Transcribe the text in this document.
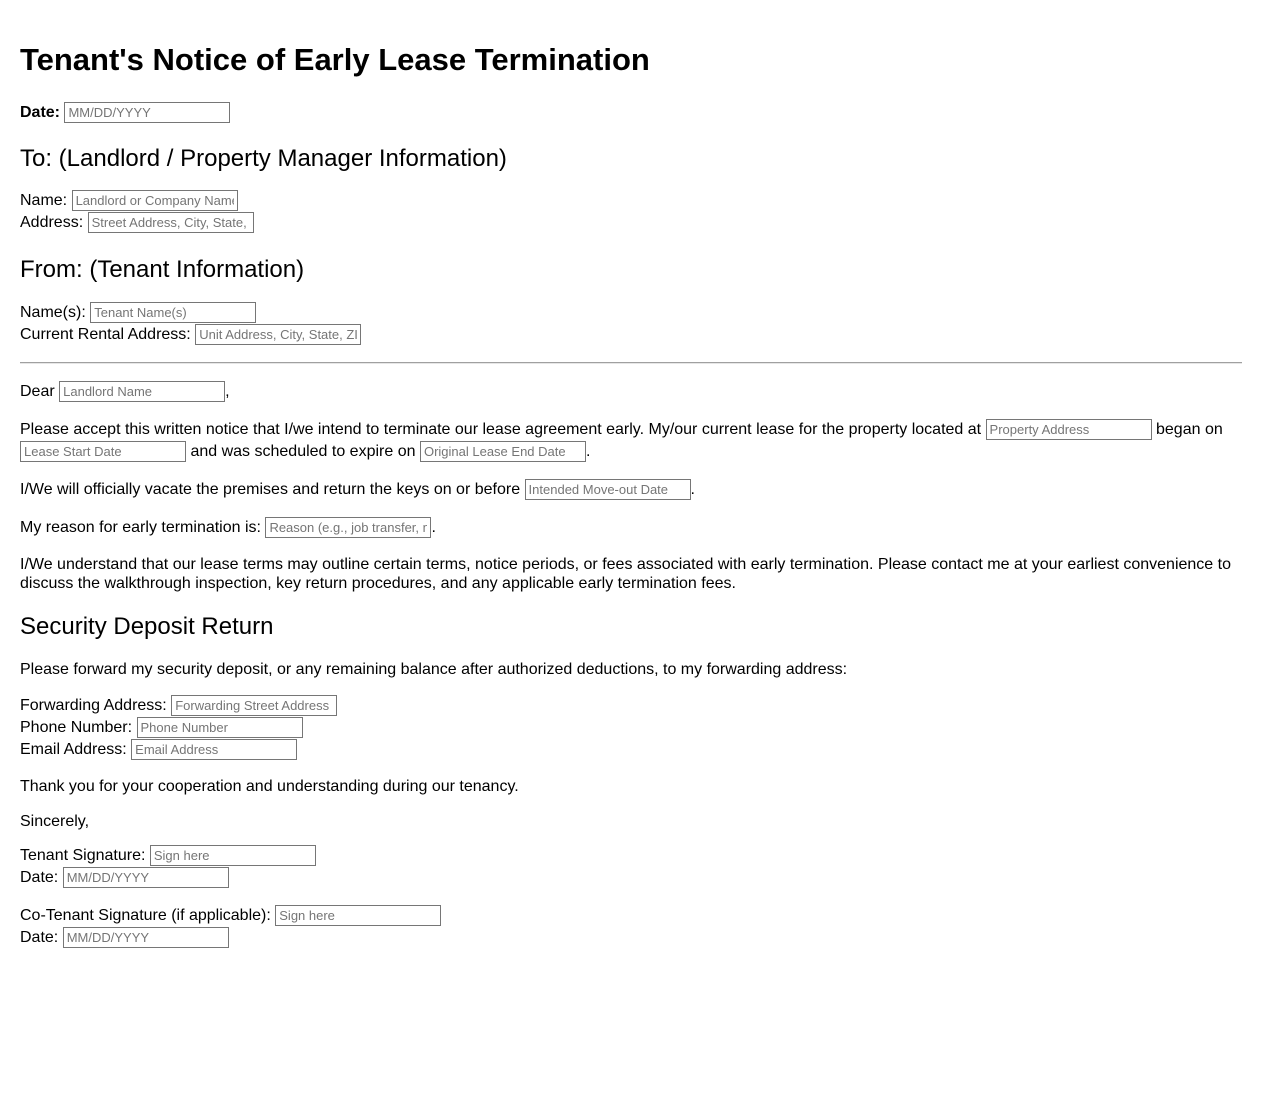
Tenant's Notice of Early Lease Termination
Date: MM/DD/YYYY
To: (Landlord / Property Manager Information)
Name: Landlord or Company Name
Address: Street Address, City, State, ZIP
From: (Tenant Information)
Name(s): Tenant Name(s)
Current Rental Address: Unit Address, City, State, ZIP
Dear Landlord Name	,

Please accept this written notice that I/we intend to terminate our lease agreement early. My/our current lease for the property located at Property Address	began on Lease Start Date and was scheduled to expire on Original Lease End Date	.

I/We will officially vacate the premises and return the keys on or before Intended Move-out Date	.
My reason for early termination is: Reason (e.g., job transfer, military)	.

I/We understand that our lease terms may outline certain terms, notice periods, or fees associated with early termination. Please contact me at your earliest convenience to discuss the walkthrough inspection, key return procedures, and any applicable early termination fees.

Security Deposit Return

Please forward my security deposit, or any remaining balance after authorized deductions, to my forwarding address:

Forwarding Address: Forwarding Street Address
Phone Number: Phone Number
Email Address: Email Address

Thank you for your cooperation and understanding during our tenancy.

Sincerely,

Tenant Signature: Sign here
Date: MM/DD/YYYY
Co-Tenant Signature (if applicable): Sign here
Date: MM/DD/YYYY
